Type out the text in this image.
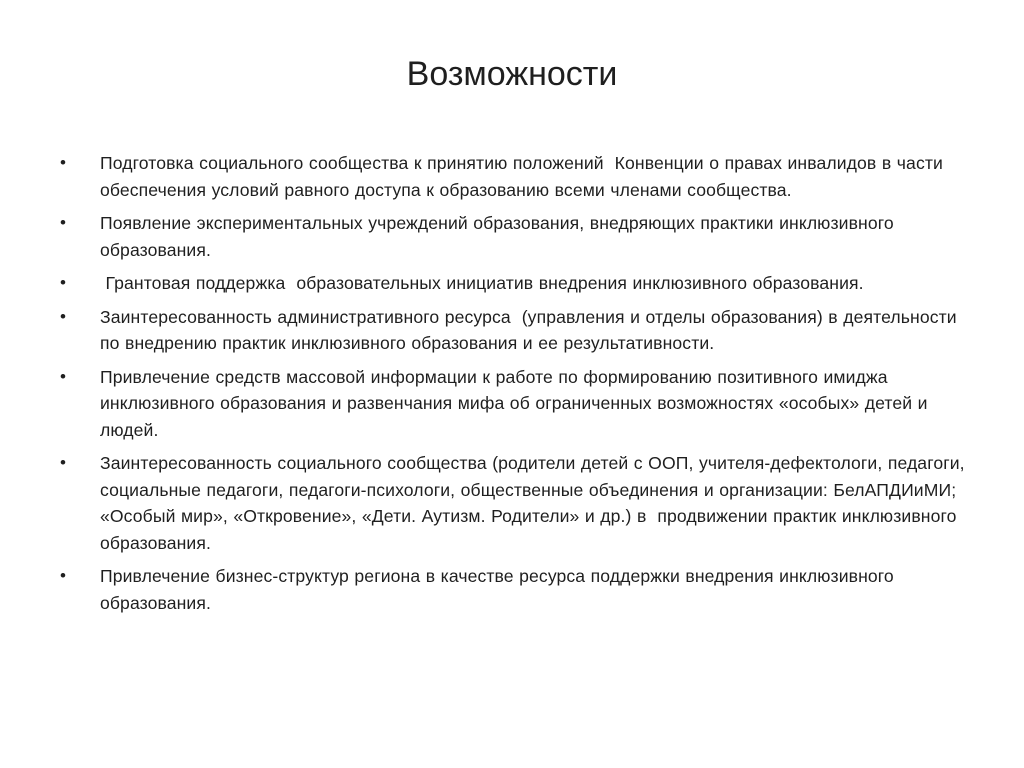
Возможности
• Подготовка социального сообщества к принятию положений  Конвенции о правах инвалидов в части обеспечения условий равного доступа к образованию всеми членами сообщества.
• Появление экспериментальных учреждений образования, внедряющих практики инклюзивного образования.
• Грантовая поддержка  образовательных инициатив внедрения инклюзивного образования.
• Заинтересованность административного ресурса  (управления и отделы образования) в деятельности по внедрению практик инклюзивного образования и ее результативности.
• Привлечение средств массовой информации к работе по формированию позитивного имиджа инклюзивного образования и развенчания мифа об ограниченных возможностях «особых» детей и людей.
• Заинтересованность социального сообщества (родители детей с ООП, учителя-дефектологи, педагоги, социальные педагоги, педагоги-психологи, общественные объединения и организации: БелАПДИиМИ; «Особый мир», «Откровение», «Дети. Аутизм. Родители» и др.) в  продвижении практик инклюзивного образования.
• Привлечение бизнес-структур региона в качестве ресурса поддержки внедрения инклюзивного образования.
